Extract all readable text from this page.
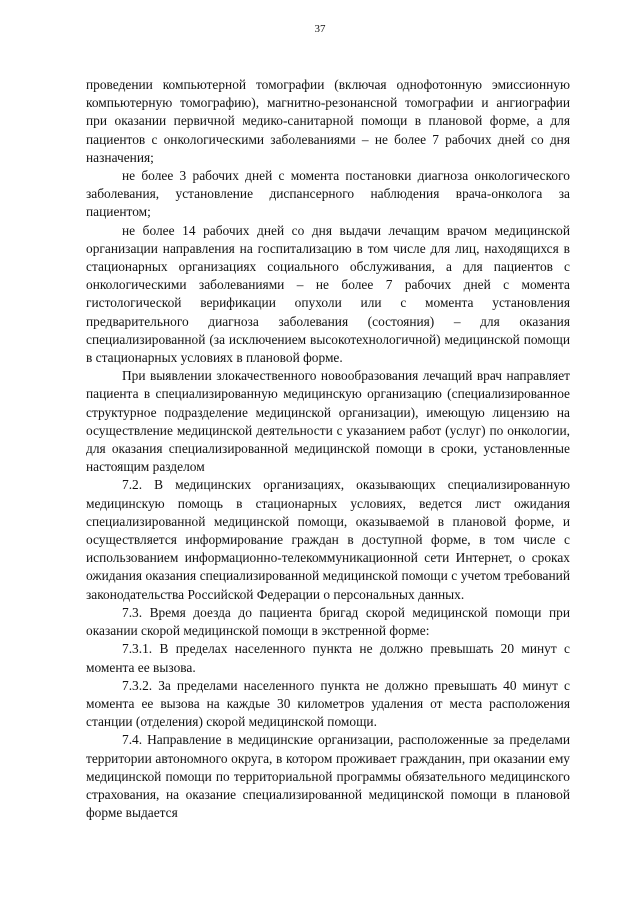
37

проведении компьютерной томографии (включая однофотонную эмиссионную компьютерную томографию), магнитно-резонансной томографии и ангиографии при оказании первичной медико-санитарной помощи в плановой форме, а для пациентов с онкологическими заболеваниями – не более 7 рабочих дней со дня назначения;

не более 3 рабочих дней с момента постановки диагноза онкологического заболевания, установление диспансерного наблюдения врача-онколога за пациентом;

не более 14 рабочих дней со дня выдачи лечащим врачом медицинской организации направления на госпитализацию в том числе для лиц, находящихся в стационарных организациях социального обслуживания, а для пациентов с онкологическими заболеваниями – не более 7 рабочих дней с момента гистологической верификации опухоли или с момента установления предварительного диагноза заболевания (состояния) – для оказания специализированной (за исключением высокотехнологичной) медицинской помощи в стационарных условиях в плановой форме.

При выявлении злокачественного новообразования лечащий врач направляет пациента в специализированную медицинскую организацию (специализированное структурное подразделение медицинской организации), имеющую лицензию на осуществление медицинской деятельности с указанием работ (услуг) по онкологии, для оказания специализированной медицинской помощи в сроки, установленные настоящим разделом

7.2. В медицинских организациях, оказывающих специализированную медицинскую помощь в стационарных условиях, ведется лист ожидания специализированной медицинской помощи, оказываемой в плановой форме, и осуществляется информирование граждан в доступной форме, в том числе с использованием информационно-телекоммуникационной сети Интернет, о сроках ожидания оказания специализированной медицинской помощи с учетом требований законодательства Российской Федерации о персональных данных.

7.3. Время доезда до пациента бригад скорой медицинской помощи при оказании скорой медицинской помощи в экстренной форме:

7.3.1. В пределах населенного пункта не должно превышать 20 минут с момента ее вызова.

7.3.2. За пределами населенного пункта не должно превышать 40 минут с момента ее вызова на каждые 30 километров удаления от места расположения станции (отделения) скорой медицинской помощи.

7.4. Направление в медицинские организации, расположенные за пределами территории автономного округа, в котором проживает гражданин, при оказании ему медицинской помощи по территориальной программы обязательного медицинского страхования, на оказание специализированной медицинской помощи в плановой форме выдается
